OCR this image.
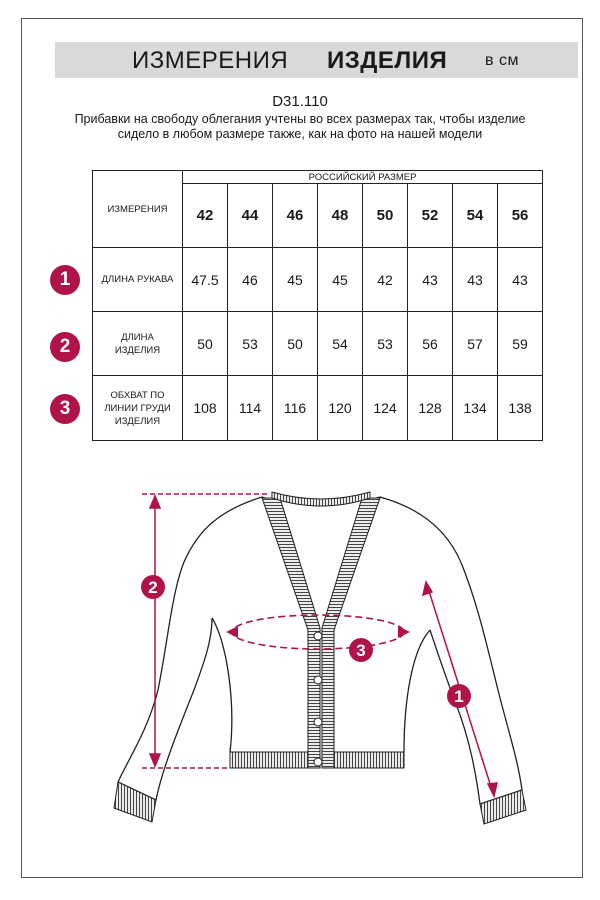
ИЗМЕРЕНИЯ ИЗДЕЛИЯ в см
D31.110
Прибавки на свободу облегания учтены во всех размерах так, чтобы изделие сидело в любом размере также, как на фото на нашей модели
ИЗМЕРЕНИЯ	РОССИЙСКИЙ РАЗМЕР							
	42	44	46	48	50	52	54	56
ДЛИНА РУКАВА	47.5	46	45	45	42	43	43	43
ДЛИНА ИЗДЕЛИЯ	50	53	50	54	53	56	57	59
ОБХВАТ ПО ЛИНИИ ГРУДИ ИЗДЕЛИЯ	108	114	116	120	124	128	134	138
1
2
3
2
3
1
